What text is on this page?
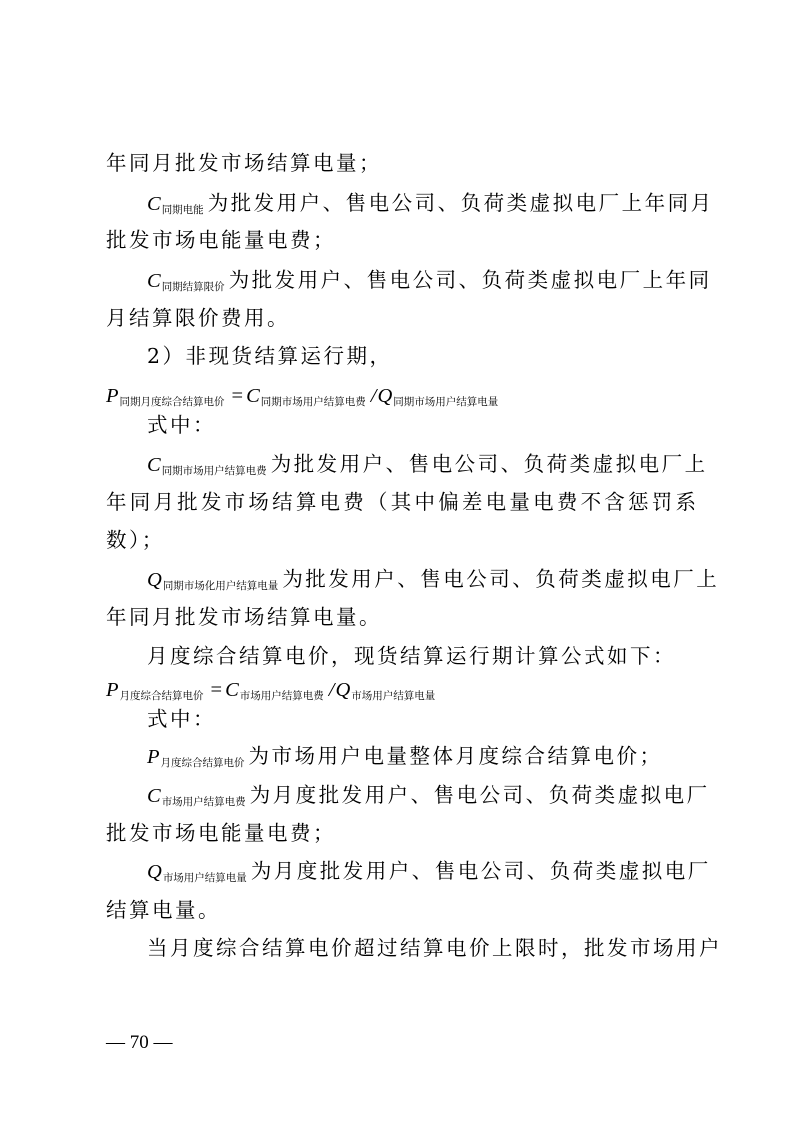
年同月批发市场结算电量；
C同期电能 为批发用户、售电公司、负荷类虚拟电厂上年同月
批发市场电能量电费；
C同期结算限价 为批发用户、售电公司、负荷类虚拟电厂上年同
月结算限价费用。
2）非现货结算运行期，
P同期月度综合结算电价 = C同期市场用户结算电费 /Q同期市场用户结算电量
式中：
C同期市场用户结算电费 为批发用户、售电公司、负荷类虚拟电厂上
年同月批发市场结算电费（其中偏差电量电费不含惩罚系
数）；
Q同期市场化用户结算电量 为批发用户、售电公司、负荷类虚拟电厂上
年同月批发市场结算电量。
月度综合结算电价，现货结算运行期计算公式如下：
P月度综合结算电价 = C市场用户结算电费 /Q市场用户结算电量
式中：
P月度综合结算电价 为市场用户电量整体月度综合结算电价；
C市场用户结算电费 为月度批发用户、售电公司、负荷类虚拟电厂
批发市场电能量电费；
Q市场用户结算电量 为月度批发用户、售电公司、负荷类虚拟电厂
结算电量。
当月度综合结算电价超过结算电价上限时，批发市场用户
— 70 —
